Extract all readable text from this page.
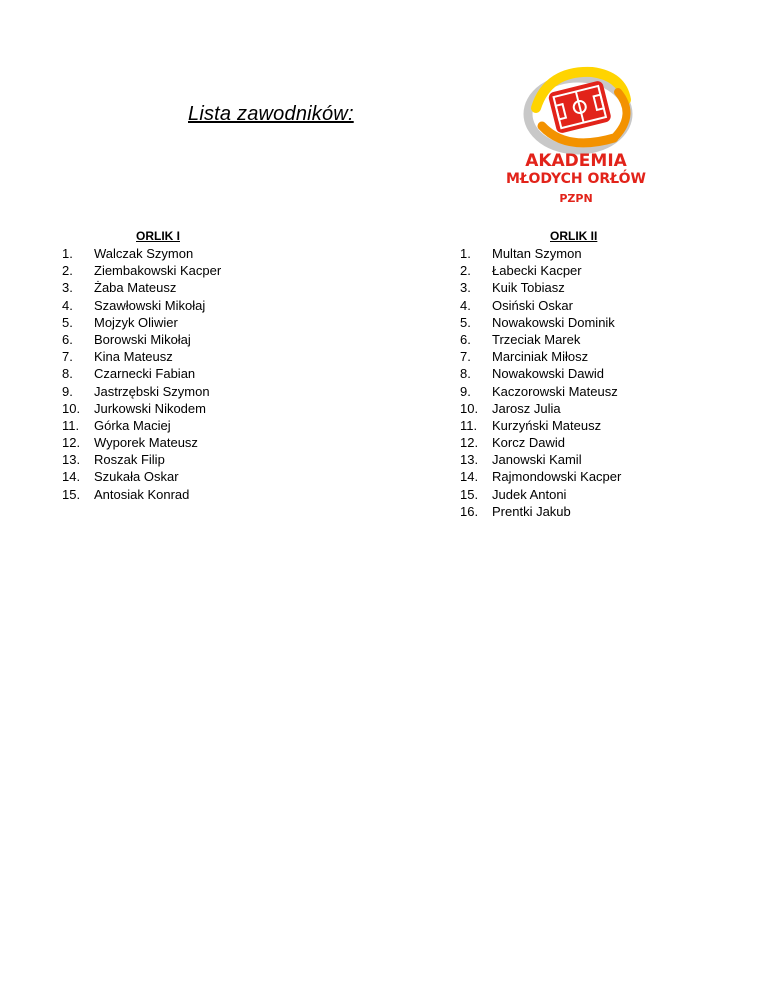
Lista zawodników:
AKADEMIA
MŁODYCH ORŁÓW
PZPN
ORLIK I
1.	Walczak Szymon
2.	Ziembakowski Kacper
3.	Żaba Mateusz
4.	Szawłowski Mikołaj
5.	Mojzyk Oliwier
6.	Borowski Mikołaj
7.	Kina Mateusz
8.	Czarnecki Fabian
9.	Jastrzębski Szymon
10.	Jurkowski Nikodem
11.	Górka Maciej
12.	Wyporek Mateusz
13.	Roszak Filip
14.	Szukała Oskar
15.	Antosiak Konrad
ORLIK II
1.	Multan Szymon
2.	Łabecki Kacper
3.	Kuik Tobiasz
4.	Osiński Oskar
5.	Nowakowski Dominik
6.	Trzeciak Marek
7.	Marciniak Miłosz
8.	Nowakowski Dawid
9.	Kaczorowski Mateusz
10.	Jarosz Julia
11.	Kurzyński Mateusz
12.	Korcz Dawid
13.	Janowski Kamil
14.	Rajmondowski Kacper
15.	Judek Antoni
16.	Prentki Jakub
